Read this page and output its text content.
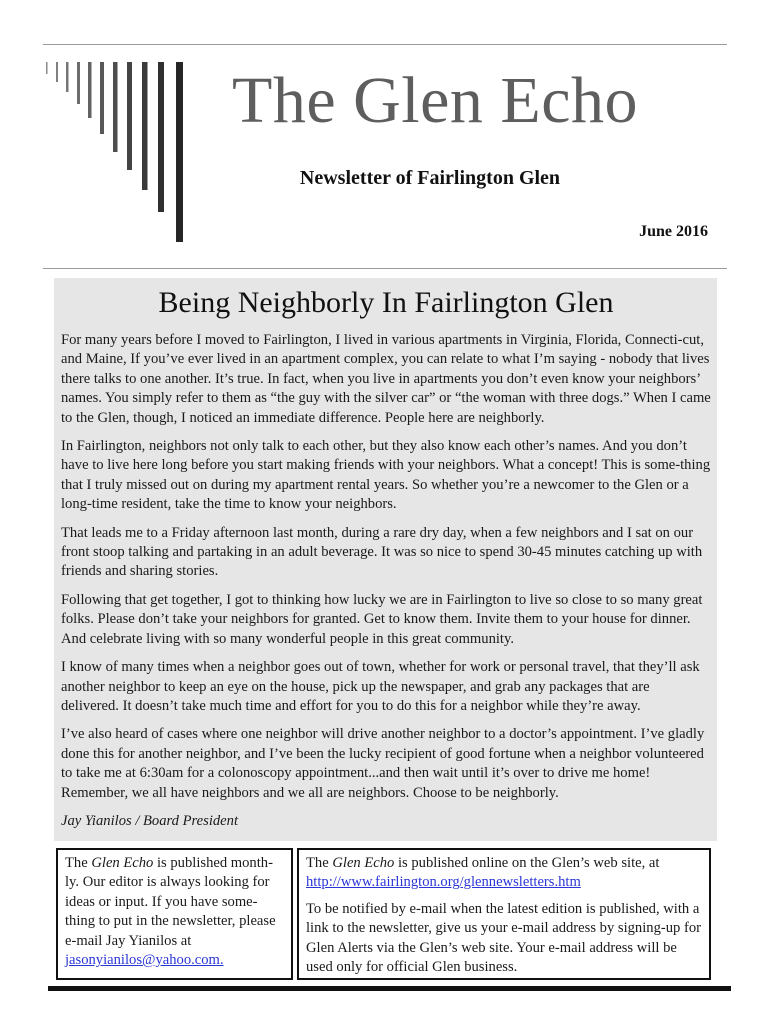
The Glen Echo
Newsletter of Fairlington Glen
June 2016
Being Neighborly In Fairlington Glen

For many years before I moved to Fairlington, I lived in various apartments in Virginia, Florida, Connecti-cut, and Maine, If you’ve ever lived in an apartment complex, you can relate to what I’m saying - nobody that lives there talks to one another. It’s true. In fact, when you live in apartments you don’t even know your neighbors’ names. You simply refer to them as “the guy with the silver car” or “the woman with three dogs.” When I came to the Glen, though, I noticed an immediate difference. People here are neighborly.

In Fairlington, neighbors not only talk to each other, but they also know each other’s names. And you don’t have to live here long before you start making friends with your neighbors. What a concept! This is some-thing that I truly missed out on during my apartment rental years. So whether you’re a newcomer to the Glen or a long-time resident, take the time to know your neighbors.

That leads me to a Friday afternoon last month, during a rare dry day, when a few neighbors and I sat on our front stoop talking and partaking in an adult beverage. It was so nice to spend 30-45 minutes catching up with friends and sharing stories.

Following that get together, I got to thinking how lucky we are in Fairlington to live so close to so many great folks. Please don’t take your neighbors for granted. Get to know them. Invite them to your house for dinner. And celebrate living with so many wonderful people in this great community.

I know of many times when a neighbor goes out of town, whether for work or personal travel, that they’ll ask another neighbor to keep an eye on the house, pick up the newspaper, and grab any packages that are delivered. It doesn’t take much time and effort for you to do this for a neighbor while they’re away.

I’ve also heard of cases where one neighbor will drive another neighbor to a doctor’s appointment. I’ve gladly done this for another neighbor, and I’ve been the lucky recipient of good fortune when a neighbor volunteered to take me at 6:30am for a colonoscopy appointment...and then wait until it’s over to drive me home! Remember, we all have neighbors and we all are neighbors. Choose to be neighborly.

Jay Yianilos / Board President

The Glen Echo is published month-ly. Our editor is always looking for ideas or input. If you have some-thing to put in the newsletter, please e-mail Jay Yianilos at jasonyianilos@yahoo.com.

The Glen Echo is published online on the Glen’s web site, at
http://www.fairlington.org/glennewsletters.htm

To be notified by e-mail when the latest edition is published, with a link to the newsletter, give us your e-mail address by signing-up for Glen Alerts via the Glen’s web site. Your e-mail address will be used only for official Glen business.
